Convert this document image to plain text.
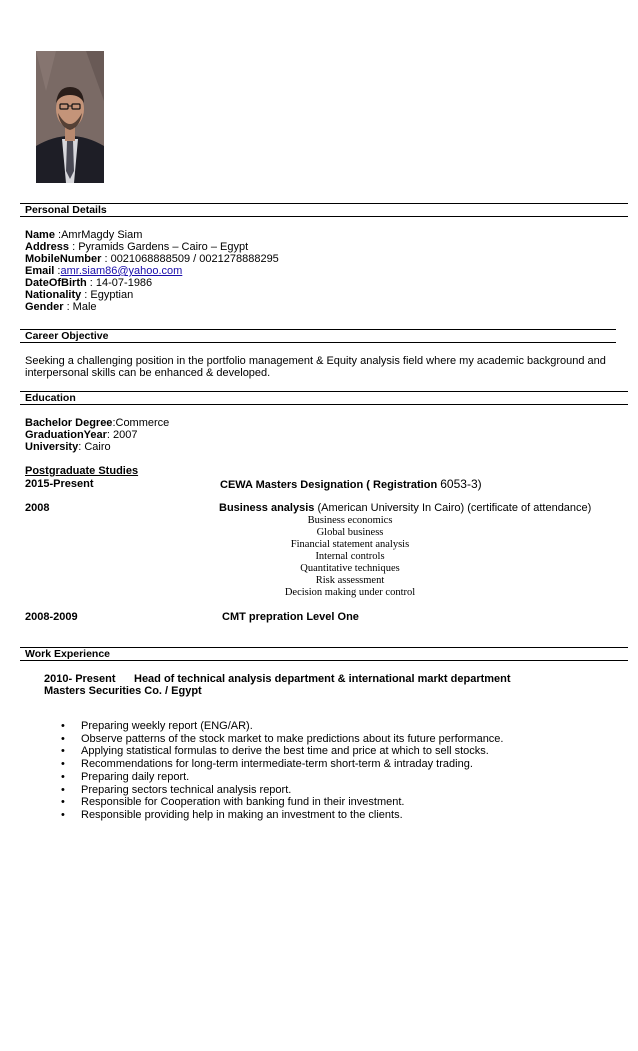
Personal Details
Name :AmrMagdy Siam
Address : Pyramids Gardens – Cairo – Egypt
MobileNumber : 0021068888509 / 0021278888295
Email :amr.siam86@yahoo.com
DateOfBirth : 14-07-1986
Nationality : Egyptian
Gender : Male
Career Objective
Seeking a challenging position in the portfolio management & Equity analysis field where my academic background and
interpersonal skills can be enhanced & developed.
Education
Bachelor Degree:Commerce
GraduationYear: 2007
University: Cairo
Postgraduate Studies
2015-Present	CEWA Masters Designation ( Registration 6053-3)
2008	Business analysis (American University In Cairo) (certificate of attendance)
Business economics
Global business
Financial statement analysis
Internal controls
Quantitative techniques
Risk assessment
Decision making under control
2008-2009	CMT prepration Level One
Work Experience
2010- Present Head of technical analysis department & international markt department
Masters Securities Co. / Egypt
• Preparing weekly report (ENG/AR).
• Observe patterns of the stock market to make predictions about its future performance.
• Applying statistical formulas to derive the best time and price at which to sell stocks.
• Recommendations for long-term intermediate-term short-term & intraday trading.
• Preparing daily report.
• Preparing sectors technical analysis report.
• Responsible for Cooperation with banking fund in their investment.
• Responsible providing help in making an investment to the clients.
